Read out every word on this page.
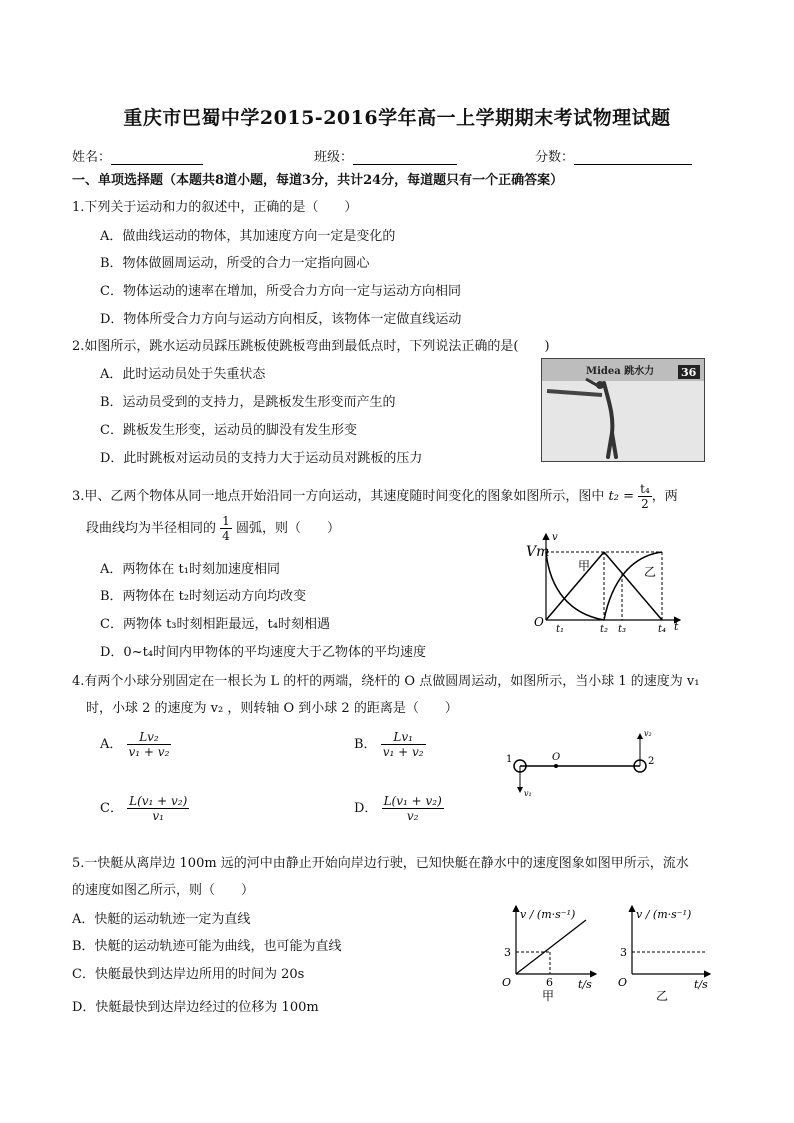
重庆市巴蜀中学2015-2016学年高一上学期期末考试物理试题
姓名：	班级：	分数：
一、单项选择题（本题共8道小题，每道3分，共计24分，每道题只有一个正确答案）
1.下列关于运动和力的叙述中，正确的是（　　）
A．做曲线运动的物体，其加速度方向一定是变化的
B．物体做圆周运动，所受的合力一定指向圆心
C．物体运动的速率在增加，所受合力方向一定与运动方向相同
D．物体所受合力方向与运动方向相反，该物体一定做直线运动
2.如图所示，跳水运动员踩压跳板使跳板弯曲到最低点时，下列说法正确的是(　　)
A．此时运动员处于失重状态
B．运动员受到的支持力，是跳板发生形变而产生的
C．跳板发生形变，运动员的脚没有发生形变
D．此时跳板对运动员的支持力大于运动员对跳板的压力
Midea 跳水力 36
3.甲、乙两个物体从同一地点开始沿同一方向运动，其速度随时间变化的图象如图所示，图中 $t_2 = \frac{\text{t₄}}{2}$ ，两
段曲线均为半径相同的 $\frac{1}{4}$ 圆弧，则（　　）
A．两物体在 t₁时刻加速度相同
B．两物体在 t₂时刻运动方向均改变
C．两物体 t₃时刻相距最远，t₄时刻相遇
D．0~t₄时间内甲物体的平均速度大于乙物体的平均速度
v
Vm
甲	乙
O	t
t₁	t₂ t₃	t₄
4.有两个小球分别固定在一根长为 L 的杆的两端，绕杆的 O 点做圆周运动，如图所示，当小球 1 的速度为 v₁
时，小球 2 的速度为 v₂ ，则转轴 O 到小球 2 的距离是（　　）
A． $\frac{\text{Lv₂}}{\text{v₁ + v₂}}$	B． $\frac{\text{Lv₁}}{\text{v₁ + v₂}}$
C． $\frac{\text{L(v₁ + v₂)}}{\text{v₁}}$	D． $\frac{\text{L(v₁ + v₂)}}{\text{v₂}}$
1	2
O
v₁
v₂
5.一快艇从离岸边 100m 远的河中由静止开始向岸边行驶，已知快艇在静水中的速度图象如图甲所示，流水
的速度如图乙所示，则（　　）
A．快艇的运动轨迹一定为直线
B．快艇的运动轨迹可能为曲线，也可能为直线
C．快艇最快到达岸边所用的时间为 20s
D．快艇最快到达岸边经过的位移为 100m
v / (m·s⁻¹)
3
6
O	t/s
甲
v / (m·s⁻¹)
3
O	t/s
乙
